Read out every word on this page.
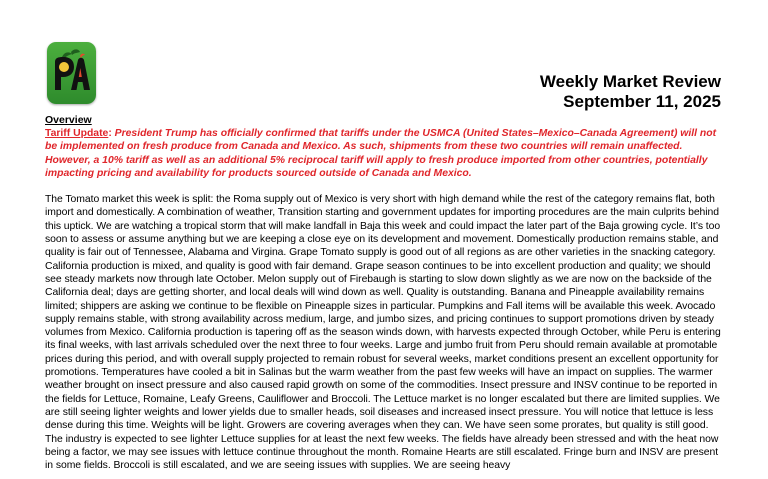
Weekly Market Review
September 11, 2025
Overview
Tariff Update: President Trump has officially confirmed that tariffs under the USMCA (United States–Mexico–Canada Agreement) will not be implemented on fresh produce from Canada and Mexico. As such, shipments from these two countries will remain unaffected. However, a 10% tariff as well as an additional 5% reciprocal tariff will apply to fresh produce imported from other countries, potentially impacting pricing and availability for products sourced outside of Canada and Mexico.
The Tomato market this week is split: the Roma supply out of Mexico is very short with high demand while the rest of the category remains flat, both import and domestically. A combination of weather, Transition starting and government updates for importing procedures are the main culprits behind this uptick. We are watching a tropical storm that will make landfall in Baja this week and could impact the later part of the Baja growing cycle. It’s too soon to assess or assume anything but we are keeping a close eye on its development and movement. Domestically production remains stable, and quality is fair out of Tennessee, Alabama and Virgina. Grape Tomato supply is good out of all regions as are other varieties in the snacking category. California production is mixed, and quality is good with fair demand. Grape season continues to be into excellent production and quality; we should see steady markets now through late October. Melon supply out of Firebaugh is starting to slow down slightly as we are now on the backside of the California deal; days are getting shorter, and local deals will wind down as well. Quality is outstanding. Banana and Pineapple availability remains limited; shippers are asking we continue to be flexible on Pineapple sizes in particular. Pumpkins and Fall items will be available this week. Avocado supply remains stable, with strong availability across medium, large, and jumbo sizes, and pricing continues to support promotions driven by steady volumes from Mexico. California production is tapering off as the season winds down, with harvests expected through October, while Peru is entering its final weeks, with last arrivals scheduled over the next three to four weeks. Large and jumbo fruit from Peru should remain available at promotable prices during this period, and with overall supply projected to remain robust for several weeks, market conditions present an excellent opportunity for promotions. Temperatures have cooled a bit in Salinas but the warm weather from the past few weeks will have an impact on supplies. The warmer weather brought on insect pressure and also caused rapid growth on some of the commodities. Insect pressure and INSV continue to be reported in the fields for Lettuce, Romaine, Leafy Greens, Cauliflower and Broccoli. The Lettuce market is no longer escalated but there are limited supplies. We are still seeing lighter weights and lower yields due to smaller heads, soil diseases and increased insect pressure. You will notice that lettuce is less dense during this time. Weights will be light. Growers are covering averages when they can. We have seen some prorates, but quality is still good. The industry is expected to see lighter Lettuce supplies for at least the next few weeks. The fields have already been stressed and with the heat now being a factor, we may see issues with lettuce continue throughout the month. Romaine Hearts are still escalated. Fringe burn and INSV are present in some fields. Broccoli is still escalated, and we are seeing issues with supplies. We are seeing heavy
